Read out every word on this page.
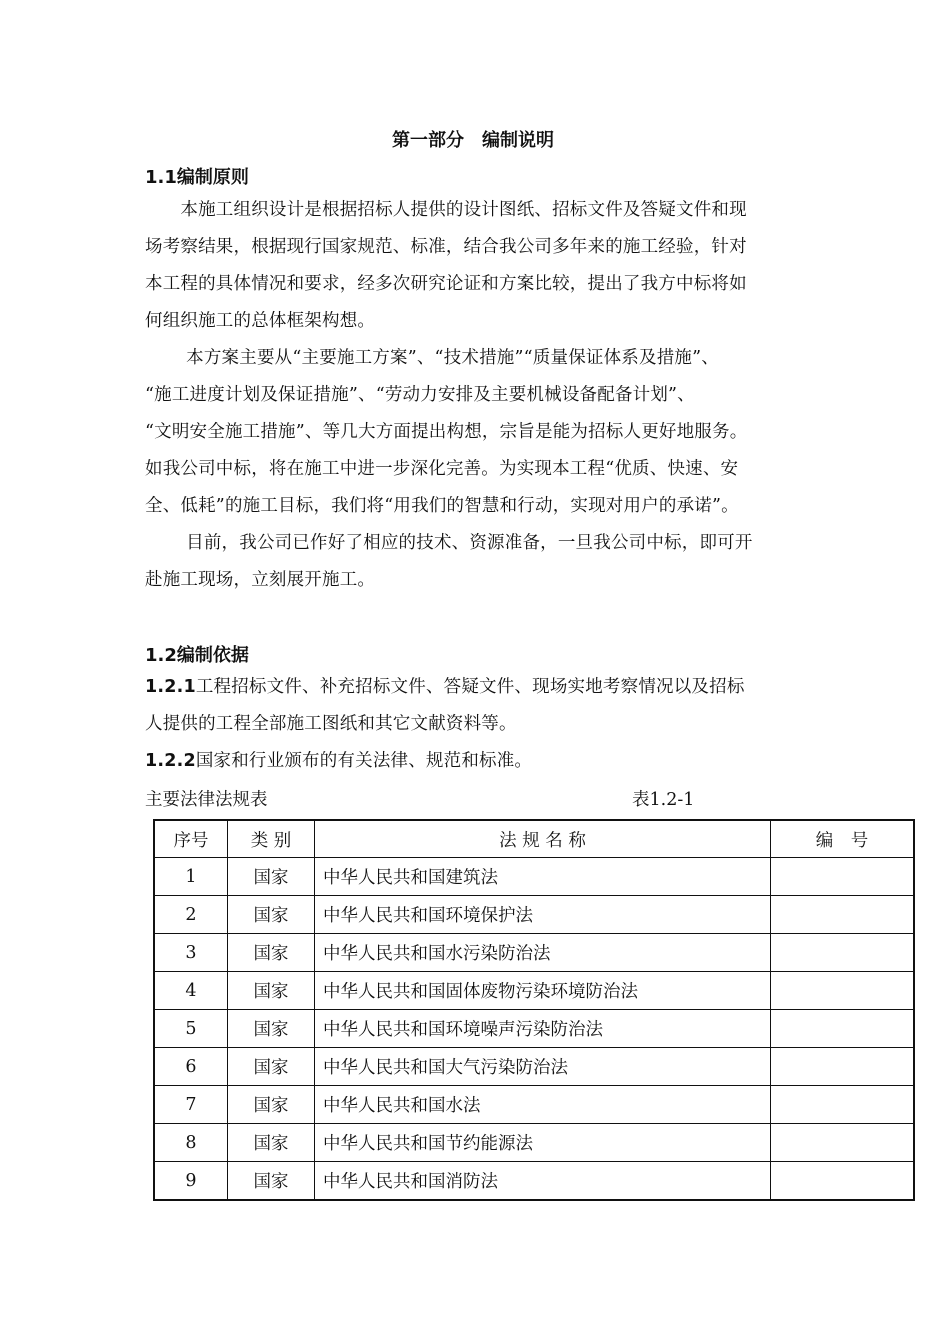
第一部分　编制说明
1.1编制原则
　　本施工组织设计是根据招标人提供的设计图纸、招标文件及答疑文件和现
场考察结果，根据现行国家规范、标准，结合我公司多年来的施工经验，针对
本工程的具体情况和要求，经多次研究论证和方案比较，提出了我方中标将如
何组织施工的总体框架构想。
　　 本方案主要从“主要施工方案”、“技术措施”“质量保证体系及措施”、
“施工进度计划及保证措施”、“劳动力安排及主要机械设备配备计划”、
“文明安全施工措施”、等几大方面提出构想，宗旨是能为招标人更好地服务。
如我公司中标，将在施工中进一步深化完善。为实现本工程“优质、快速、安
全、低耗”的施工目标，我们将“用我们的智慧和行动，实现对用户的承诺”。
　　 目前，我公司已作好了相应的技术、资源准备，一旦我公司中标，即可开
赴施工现场，立刻展开施工。
1.2编制依据
1.2.1工程招标文件、补充招标文件、答疑文件、现场实地考察情况以及招标
人提供的工程全部施工图纸和其它文献资料等。
1.2.2国家和行业颁布的有关法律、规范和标准。
主要法律法规表	表1.2-1
序号	类 别	法 规 名 称	编　号
1	国家	中华人民共和国建筑法	
2	国家	中华人民共和国环境保护法	
3	国家	中华人民共和国水污染防治法	
4	国家	中华人民共和国固体废物污染环境防治法	
5	国家	中华人民共和国环境噪声污染防治法	
6	国家	中华人民共和国大气污染防治法	
7	国家	中华人民共和国水法	
8	国家	中华人民共和国节约能源法	
9	国家	中华人民共和国消防法	
